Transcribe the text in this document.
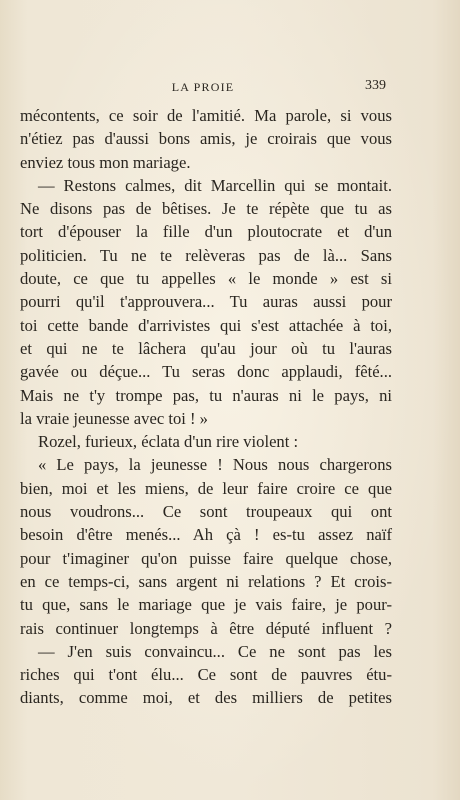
LA PROIE	339
mécontents, ce soir de l'amitié. Ma parole, si vous
n'étiez pas d'aussi bons amis, je croirais que vous
enviez tous mon mariage.
— Restons calmes, dit Marcellin qui se montait.
Ne disons pas de bêtises. Je te répète que tu as
tort d'épouser la fille d'un ploutocrate et d'un
politicien. Tu ne te relèveras pas de là... Sans
doute, ce que tu appelles « le monde » est si
pourri qu'il t'approuvera... Tu auras aussi pour
toi cette bande d'arrivistes qui s'est attachée à toi,
et qui ne te lâchera qu'au jour où tu l'auras
gavée ou déçue... Tu seras donc applaudi, fêté...
Mais ne t'y trompe pas, tu n'auras ni le pays, ni
la vraie jeunesse avec toi ! »
Rozel, furieux, éclata d'un rire violent :
« Le pays, la jeunesse ! Nous nous chargerons
bien, moi et les miens, de leur faire croire ce que
nous voudrons... Ce sont troupeaux qui ont
besoin d'être menés... Ah çà ! es-tu assez naïf
pour t'imaginer qu'on puisse faire quelque chose,
en ce temps-ci, sans argent ni relations ? Et crois-
tu que, sans le mariage que je vais faire, je pour-
rais continuer longtemps à être député influent ?
— J'en suis convaincu... Ce ne sont pas les
riches qui t'ont élu... Ce sont de pauvres étu-
diants, comme moi, et des milliers de petites
